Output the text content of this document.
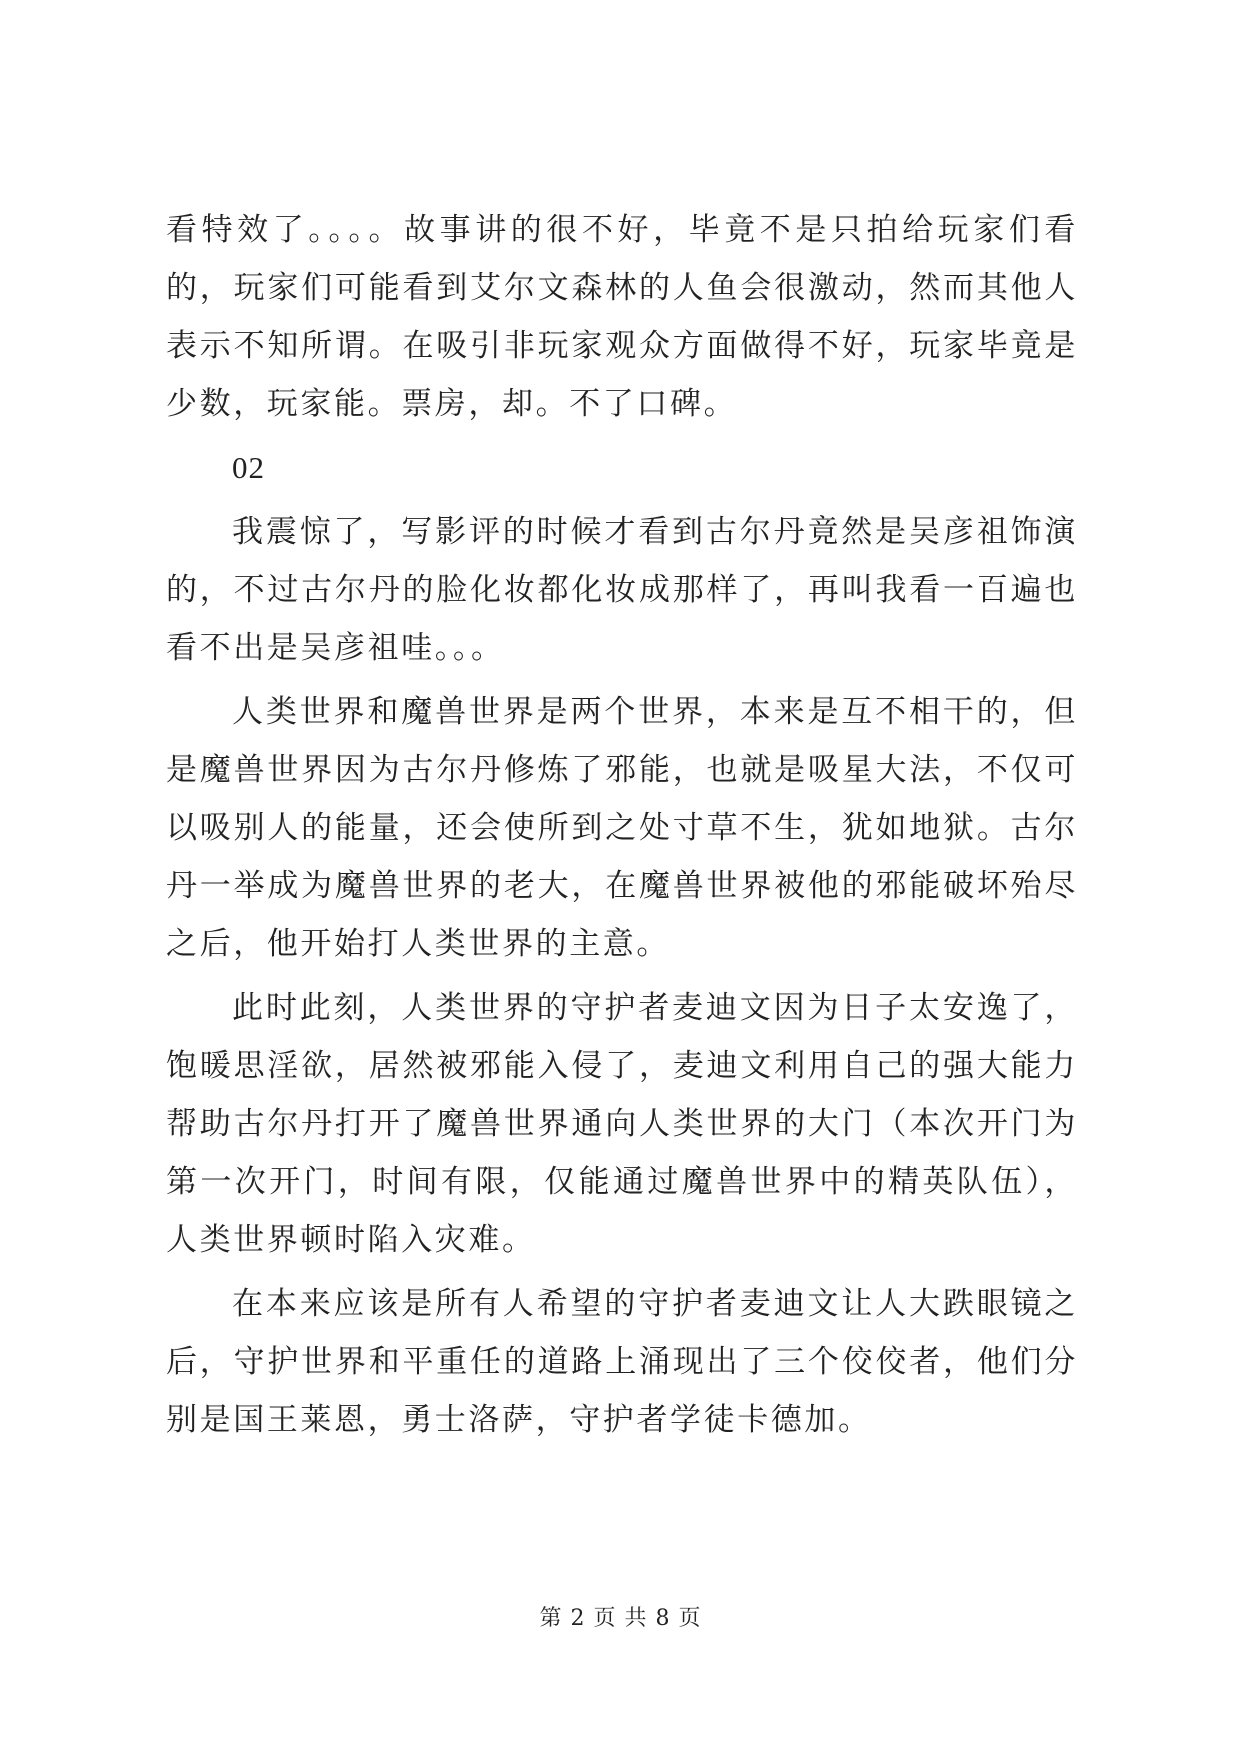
看特效了。。。。故事讲的很不好，毕竟不是只拍给玩家们看的，玩家们可能看到艾尔文森林的人鱼会很激动，然而其他人表示不知所谓。在吸引非玩家观众方面做得不好，玩家毕竟是少数，玩家能。票房，却。不了口碑。

02

我震惊了，写影评的时候才看到古尔丹竟然是吴彦祖饰演的，不过古尔丹的脸化妆都化妆成那样了，再叫我看一百遍也看不出是吴彦祖哇。。。

人类世界和魔兽世界是两个世界，本来是互不相干的，但是魔兽世界因为古尔丹修炼了邪能，也就是吸星大法，不仅可以吸别人的能量，还会使所到之处寸草不生，犹如地狱。古尔丹一举成为魔兽世界的老大，在魔兽世界被他的邪能破坏殆尽之后，他开始打人类世界的主意。

此时此刻，人类世界的守护者麦迪文因为日子太安逸了，饱暖思淫欲，居然被邪能入侵了，麦迪文利用自己的强大能力帮助古尔丹打开了魔兽世界通向人类世界的大门（本次开门为第一次开门，时间有限，仅能通过魔兽世界中的精英队伍），人类世界顿时陷入灾难。

在本来应该是所有人希望的守护者麦迪文让人大跌眼镜之后，守护世界和平重任的道路上涌现出了三个佼佼者，他们分别是国王莱恩，勇士洛萨，守护者学徒卡德加。

第 2 页 共 8 页
